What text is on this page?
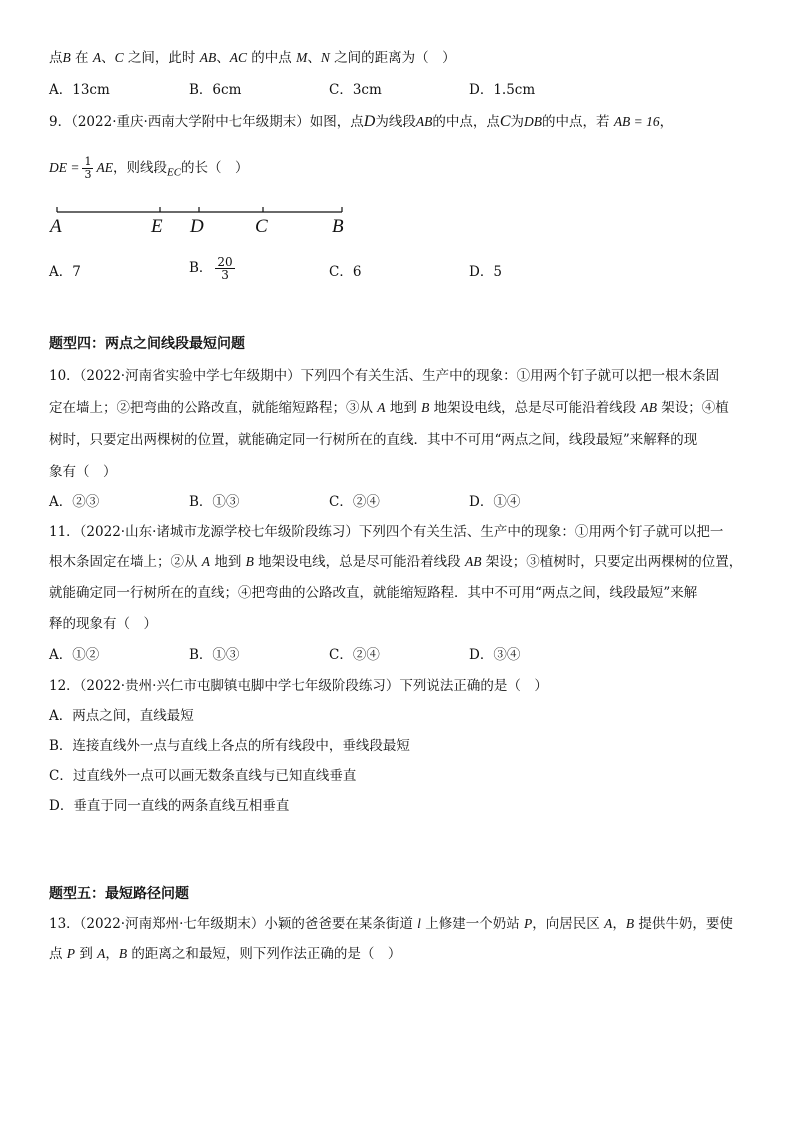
点B 在 A、C 之间，此时 AB、AC 的中点 M、N 之间的距离为（　）
A．13cm	B．6cm	C．3cm	D．1.5cm
9．（2022·重庆·西南大学附中七年级期末）如图，点D为线段AB的中点，点C为DB的中点，若 AB = 16，
DE = $\frac{1}{3}$ AE，则线段$_{EC}$的长（　）
A	E D	C	B
A．7	B． $\frac{20}{3}$	C．6	D．5
题型四：两点之间线段最短问题
10．（2022·河南省实验中学七年级期中）下列四个有关生活、生产中的现象：①用两个钉子就可以把一根木条固
定在墙上；②把弯曲的公路改直，就能缩短路程；③从 A 地到 B 地架设电线，总是尽可能沿着线段 AB 架设；④植
树时，只要定出两棵树的位置，就能确定同一行树所在的直线．其中不可用“两点之间，线段最短”来解释的现
象有（　）
A．②③	B．①③	C．②④	D．①④
11．（2022·山东·诸城市龙源学校七年级阶段练习）下列四个有关生活、生产中的现象：①用两个钉子就可以把一
根木条固定在墙上；②从 A 地到 B 地架设电线，总是尽可能沿着线段 AB 架设；③植树时，只要定出两棵树的位置，
就能确定同一行树所在的直线；④把弯曲的公路改直，就能缩短路程．其中不可用“两点之间，线段最短”来解
释的现象有（　）
A．①②	B．①③	C．②④	D．③④
12．（2022·贵州·兴仁市屯脚镇屯脚中学七年级阶段练习）下列说法正确的是（　）
A．两点之间，直线最短
B．连接直线外一点与直线上各点的所有线段中，垂线段最短
C．过直线外一点可以画无数条直线与已知直线垂直
D．垂直于同一直线的两条直线互相垂直
题型五：最短路径问题
13．（2022·河南郑州·七年级期末）小颖的爸爸要在某条街道 l 上修建一个奶站 P，向居民区 A，B 提供牛奶，要使
点 P 到 A，B 的距离之和最短，则下列作法正确的是（　）
